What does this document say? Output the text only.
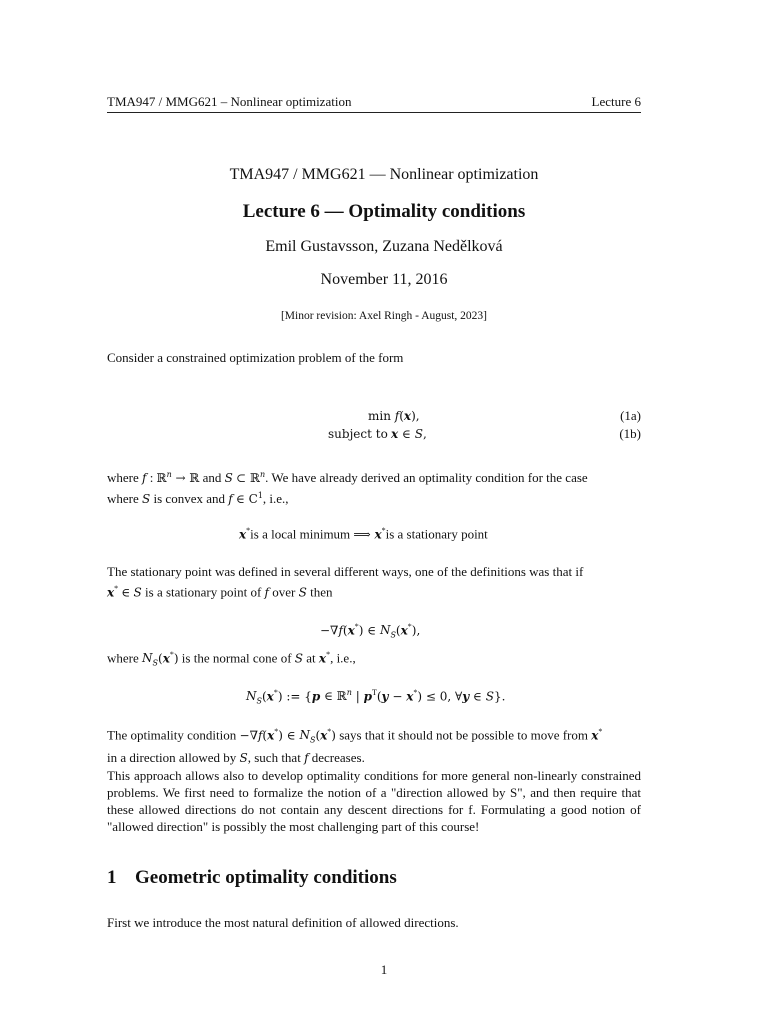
TMA947 / MMG621 – Nonlinear optimization	Lecture 6
TMA947 / MMG621 — Nonlinear optimization
Lecture 6 — Optimality conditions
Emil Gustavsson, Zuzana Nedělková
November 11, 2016
[Minor revision: Axel Ringh - August, 2023]
Consider a constrained optimization problem of the form
min f(x),	(1a)
subject to x ∈ S,	(1b)
where f : ℝ$^n$ → ℝ and S ⊂ ℝ$^n$. We have already derived an optimality condition for the case
where S is convex and f ∈ $C^1$, i.e.,
x*is a local minimum ⟹ x*is a stationary point
The stationary point was defined in several different ways, one of the definitions was that if
x* ∈ S is a stationary point of f over S then
−∇f(x*) ∈ $N_S(x^*)$,
where $N_S(x^*)$ is the normal cone of S at x*, i.e.,
$N_S(x^*)$ := {p ∈ ℝ$^n$ | $p^T(y - x^*) \le 0$, ∀y ∈ S}.
The optimality condition −∇f(x*) ∈ $N_S(x^*)$ says that it should not be possible to move from x*
in a direction allowed by S, such that f decreases.
This approach allows also to develop optimality conditions for more general non-linearly constrained problems. We first need to formalize the notion of a "direction allowed by S", and then require that these allowed directions do not contain any descent directions for f. Formulating a good notion of "allowed direction" is possibly the most challenging part of this course!
1 Geometric optimality conditions
First we introduce the most natural definition of allowed directions.
1
